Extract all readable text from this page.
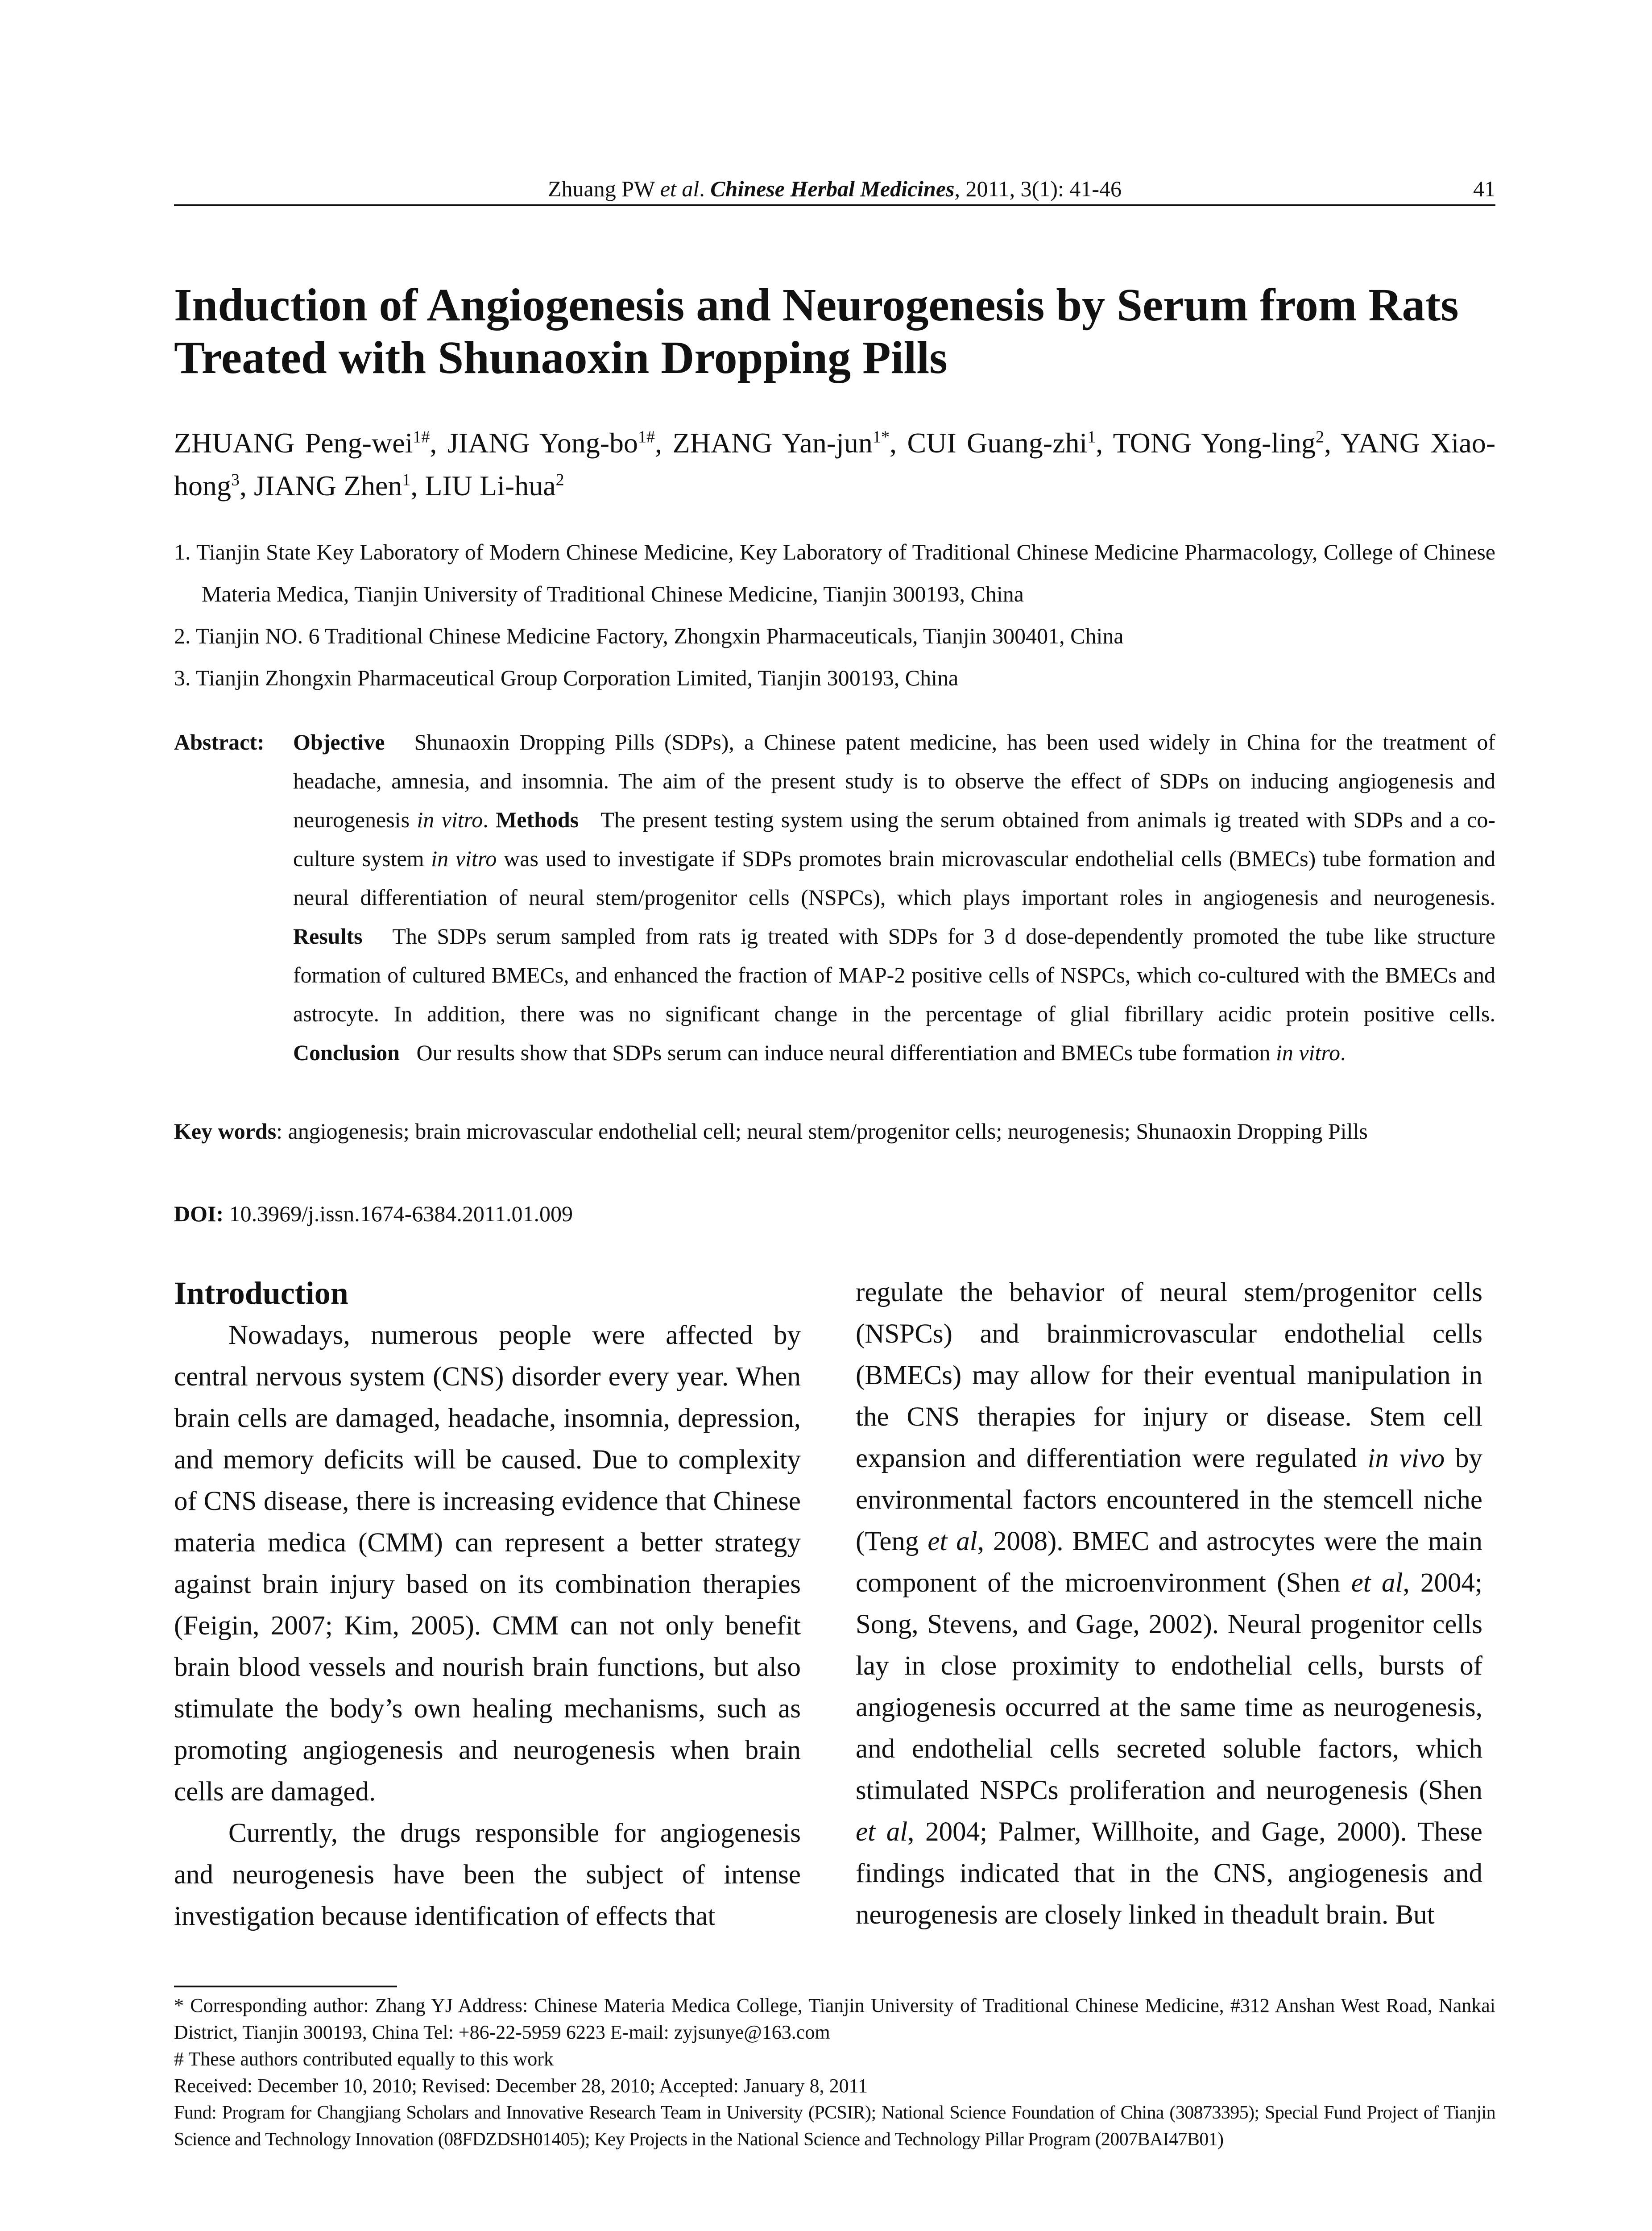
Zhuang PW et al. Chinese Herbal Medicines, 2011, 3(1): 41-46	41
Induction of Angiogenesis and Neurogenesis by Serum from Rats Treated with Shunaoxin Dropping Pills

ZHUANG Peng-wei$^{1\#}$, JIANG Yong-$bo^{1\#}$, ZHANG Yan-jun$^{1*}$, CUI Guang-zhi$^1$, TONG Yong-ling$^2$, YANG Xiao-hong$^3$, JIANG Zhen$^1$, LIU Li-hua$^2$

1. Tianjin State Key Laboratory of Modern Chinese Medicine, Key Laboratory of Traditional Chinese Medicine Pharmacology, College of Chinese Materia Medica, Tianjin University of Traditional Chinese Medicine, Tianjin 300193, China
2. Tianjin NO. 6 Traditional Chinese Medicine Factory, Zhongxin Pharmaceuticals, Tianjin 300401, China
3. Tianjin Zhongxin Pharmaceutical Group Corporation Limited, Tianjin 300193, China
Abstract: Objective Shunaoxin Dropping Pills (SDPs), a Chinese patent medicine, has been used widely in China for the treatment of headache, amnesia, and insomnia. The aim of the present study is to observe the effect of SDPs on inducing angiogenesis and neurogenesis in vitro. Methods The present testing system using the serum obtained from animals ig treated with SDPs and a co-culture system in vitro was used to investigate if SDPs promotes brain microvascular endothelial cells (BMECs) tube formation and neural differentiation of neural stem/progenitor cells (NSPCs), which plays important roles in angiogenesis and neurogenesis. Results The SDPs serum sampled from rats ig treated with SDPs for 3 d dose-dependently promoted the tube like structure formation of cultured BMECs, and enhanced the fraction of MAP-2 positive cells of NSPCs, which co-cultured with the BMECs and astrocyte. In addition, there was no significant change in the percentage of glial fibrillary acidic protein positive cells. Conclusion Our results show that SDPs serum can induce neural differentiation and BMECs tube formation in vitro.
Key words: angiogenesis; brain microvascular endothelial cell; neural stem/progenitor cells; neurogenesis; Shunaoxin Dropping Pills
DOI: 10.3969/j.issn.1674-6384.2011.01.009
Introduction

Nowadays, numerous people were affected by central nervous system (CNS) disorder every year. When brain cells are damaged, headache, insomnia, depression, and memory deficits will be caused. Due to complexity of CNS disease, there is increasing evidence that Chinese materia medica (CMM) can represent a better strategy against brain injury based on its combination therapies (Feigin, 2007; Kim, 2005). CMM can not only benefit brain blood vessels and nourish brain functions, but also stimulate the body’s own healing mechanisms, such as promoting angiogenesis and neurogenesis when brain cells are damaged.

Currently, the drugs responsible for angiogenesis and neurogenesis have been the subject of intense investigation because identification of effects that

regulate the behavior of neural stem/progenitor cells (NSPCs) and brainmicrovascular endothelial cells (BMECs) may allow for their eventual manipulation in the CNS therapies for injury or disease. Stem cell expansion and differentiation were regulated in vivo by environmental factors encountered in the stemcell niche (Teng et al, 2008). BMEC and astrocytes were the main component of the microenvironment (Shen et al, 2004; Song, Stevens, and Gage, 2002). Neural progenitor cells lay in close proximity to endothelial cells, bursts of angiogenesis occurred at the same time as neurogenesis, and endothelial cells secreted soluble factors, which stimulated NSPCs proliferation and neurogenesis (Shen et al, 2004; Palmer, Willhoite, and Gage, 2000). These findings indicated that in the CNS, angiogenesis and neurogenesis are closely linked in theadult brain. But

* Corresponding author: Zhang YJ Address: Chinese Materia Medica College, Tianjin University of Traditional Chinese Medicine, #312 Anshan West Road, Nankai District, Tianjin 300193, China Tel: +86-22-5959 6223 E-mail: zyjsunye@163.com
# These authors contributed equally to this work
Received: December 10, 2010; Revised: December 28, 2010; Accepted: January 8, 2011
Fund: Program for Changjiang Scholars and Innovative Research Team in University (PCSIR); National Science Foundation of China (30873395); Special Fund Project of Tianjin Science and Technology Innovation (08FDZDSH01405); Key Projects in the National Science and Technology Pillar Program (2007BAI47B01)
